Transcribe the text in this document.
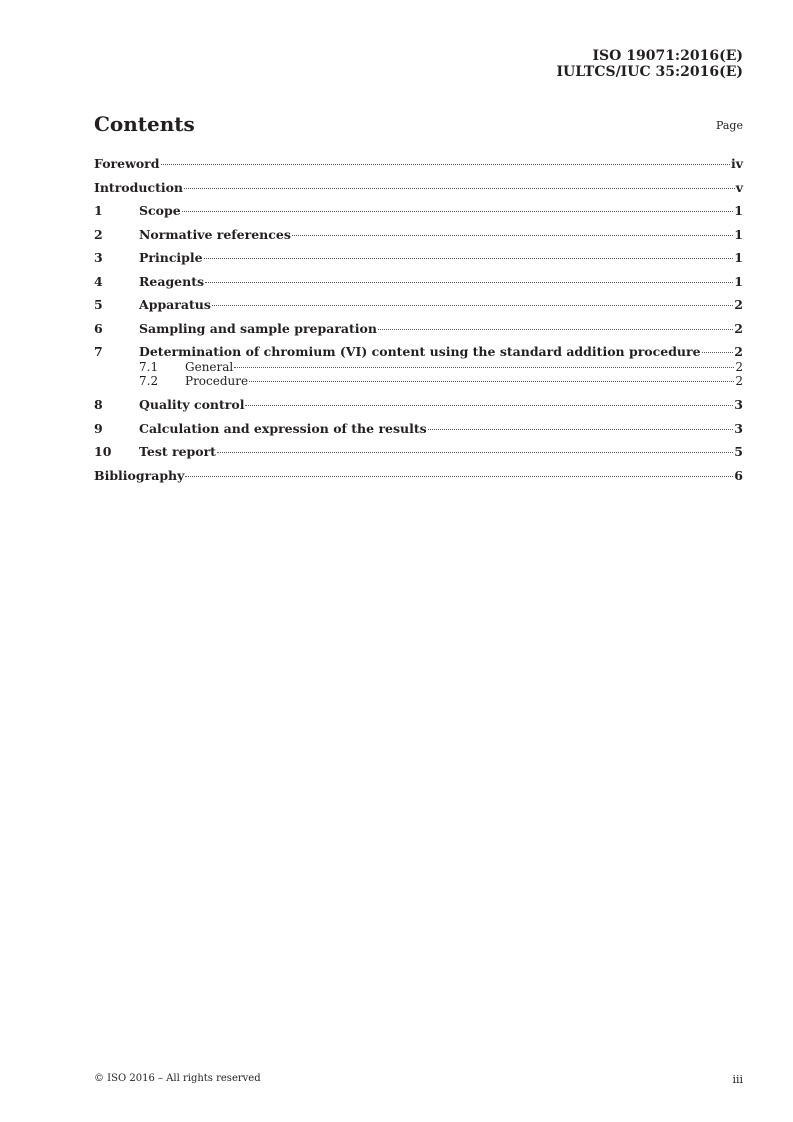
ISO 19071:2016(E)
IULTCS/IUC 35:2016(E)
Contents	Page
Foreword	iv
Introduction	v
1	Scope	1
2	Normative references	1
3	Principle	1
4	Reagents	1
5	Apparatus	2
6	Sampling and sample preparation	2
7	Determination of chromium (VI) content using the standard addition procedure	2
7.1	General	2
7.2	Procedure	2
8	Quality control	3
9	Calculation and expression of the results	3
10	Test report	5
Bibliography	6
© ISO 2016 – All rights reserved	iii
